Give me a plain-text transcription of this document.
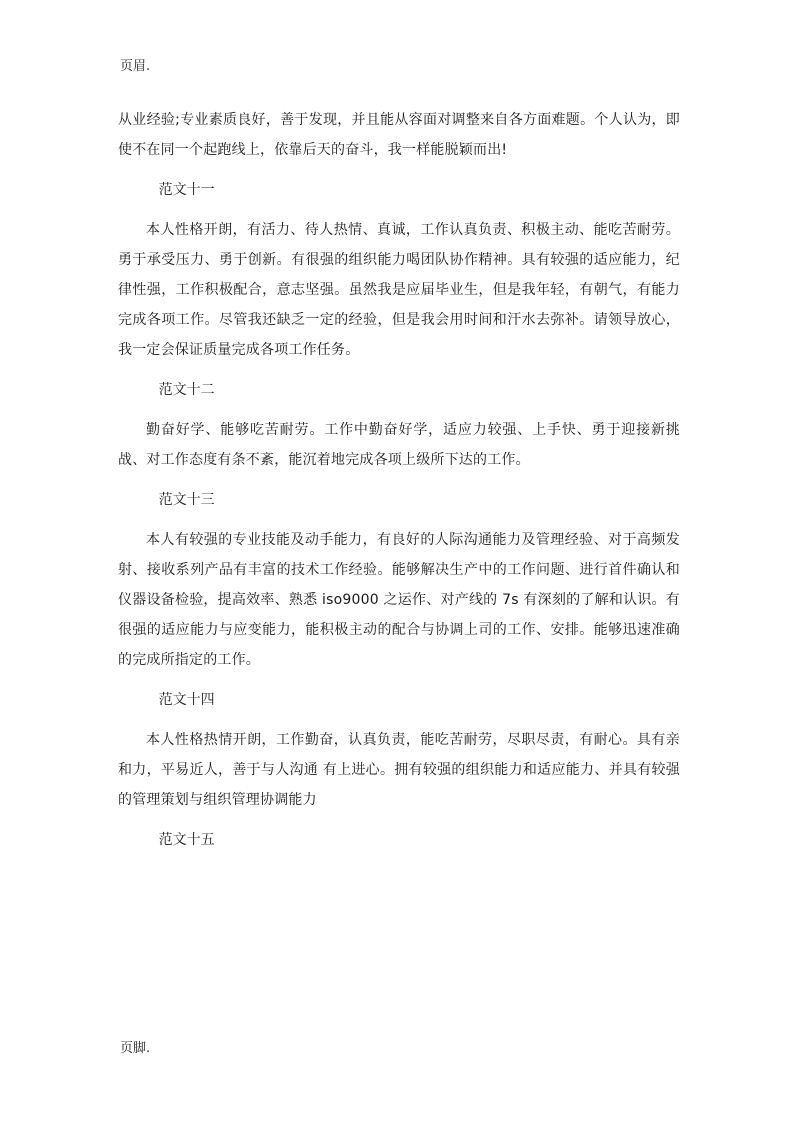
页眉.

从业经验;专业素质良好，善于发现，并且能从容面对调整来自各方面难题。个人认为，即使不在同一个起跑线上，依靠后天的奋斗，我一样能脱颖而出!

范文十一

本人性格开朗，有活力、待人热情、真诚，工作认真负责、积极主动、能吃苦耐劳。勇于承受压力、勇于创新。有很强的组织能力喝团队协作精神。具有较强的适应能力，纪律性强，工作积极配合，意志坚强。虽然我是应届毕业生，但是我年轻，有朝气，有能力完成各项工作。尽管我还缺乏一定的经验，但是我会用时间和汗水去弥补。请领导放心，我一定会保证质量完成各项工作任务。

范文十二

勤奋好学、能够吃苦耐劳。工作中勤奋好学，适应力较强、上手快、勇于迎接新挑战、对工作态度有条不紊，能沉着地完成各项上级所下达的工作。

范文十三

本人有较强的专业技能及动手能力，有良好的人际沟通能力及管理经验、对于高频发射、接收系列产品有丰富的技术工作经验。能够解决生产中的工作问题、进行首件确认和仪器设备检验，提高效率、熟悉 iso9000 之运作、对产线的 7s 有深刻的了解和认识。有很强的适应能力与应变能力，能积极主动的配合与协调上司的工作、安排。能够迅速准确的完成所指定的工作。

范文十四

本人性格热情开朗，工作勤奋，认真负责，能吃苦耐劳，尽职尽责，有耐心。具有亲和力，平易近人，善于与人沟通 有上进心。拥有较强的组织能力和适应能力、并具有较强的管理策划与组织管理协调能力

范文十五
页脚.
